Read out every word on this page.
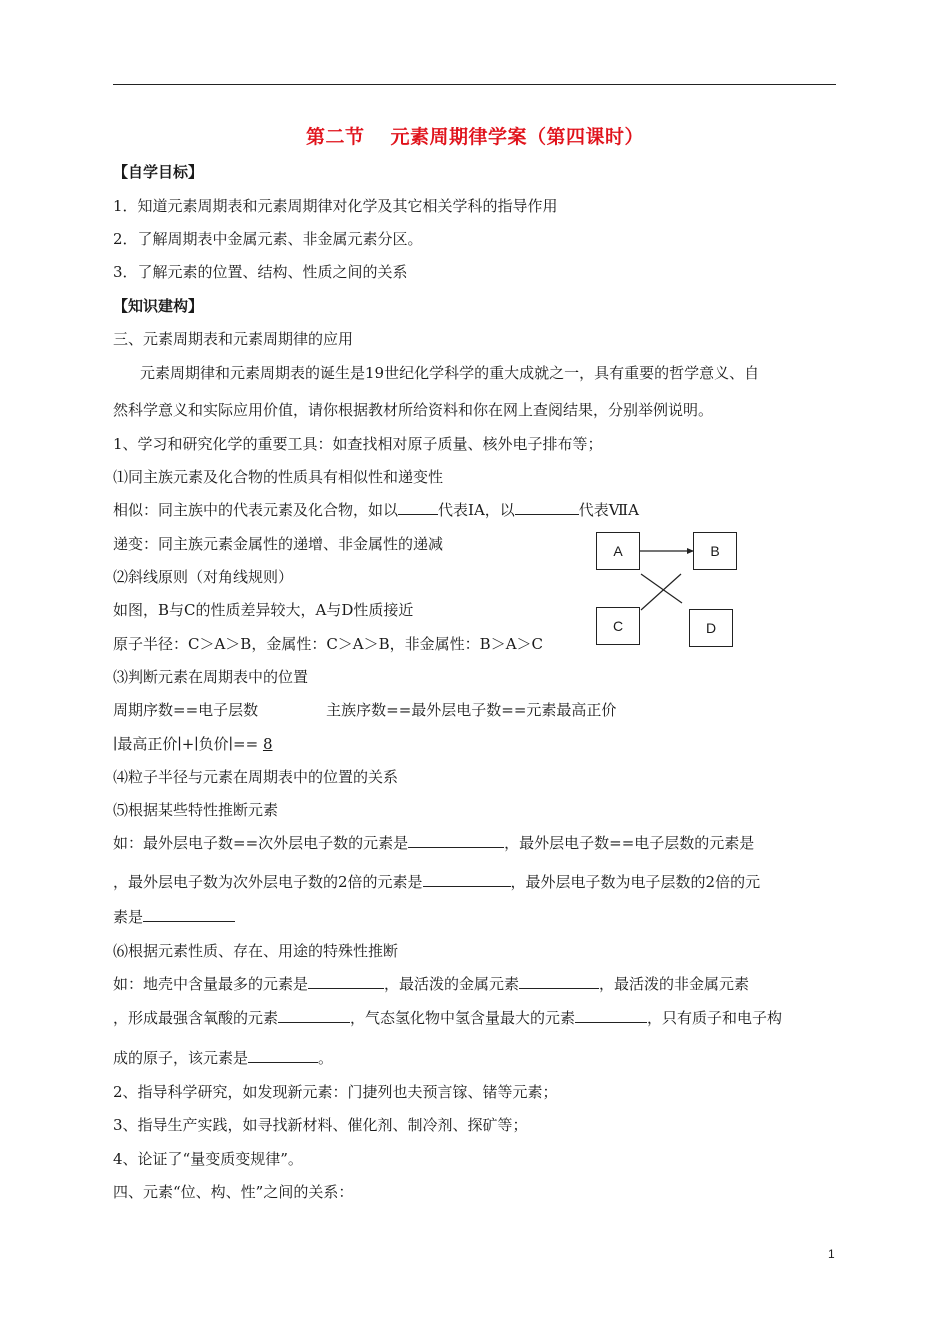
第二节 元素周期律学案（第四课时）
【自学目标】
1．知道元素周期表和元素周期律对化学及其它相关学科的指导作用
2．了解周期表中金属元素、非金属元素分区。
3．了解元素的位置、结构、性质之间的关系
【知识建构】
三、元素周期表和元素周期律的应用
元素周期律和元素周期表的诞生是19世纪化学科学的重大成就之一，具有重要的哲学意义、自
然科学意义和实际应用价值，请你根据教材所给资料和你在网上查阅结果，分别举例说明。
1、学习和研究化学的重要工具：如查找相对原子质量、核外电子排布等；
⑴同主族元素及化合物的性质具有相似性和递变性
相似：同主族中的代表元素及化合物，如以	代表ⅠA，以	代表ⅦA
递变：同主族元素金属性的递增、非金属性的递减
⑵斜线原则（对角线规则）
如图，B与C的性质差异较大，A与D性质接近
原子半径：C＞A＞B，金属性：C＞A＞B，非金属性：B＞A＞C
A	B
C	D
⑶判断元素在周期表中的位置
周期序数==电子层数	主族序数==最外层电子数==元素最高正价
∣最高正价∣+∣负价∣== 8
⑷粒子半径与元素在周期表中的位置的关系
⑸根据某些特性推断元素
如：最外层电子数==次外层电子数的元素是	，最外层电子数==电子层数的元素是
，最外层电子数为次外层电子数的2倍的元素是	，最外层电子数为电子层数的2倍的元
素是
⑹根据元素性质、存在、用途的特殊性推断
如：地壳中含量最多的元素是	，最活泼的金属元素	，最活泼的非金属元素
，形成最强含氧酸的元素	，气态氢化物中氢含量最大的元素	，只有质子和电子构
成的原子，该元素是	。
2、指导科学研究，如发现新元素：门捷列也夫预言镓、锗等元素；
3、指导生产实践，如寻找新材料、催化剂、制冷剂、探矿等；
4、论证了“量变质变规律”。
四、元素“位、构、性”之间的关系：
1
